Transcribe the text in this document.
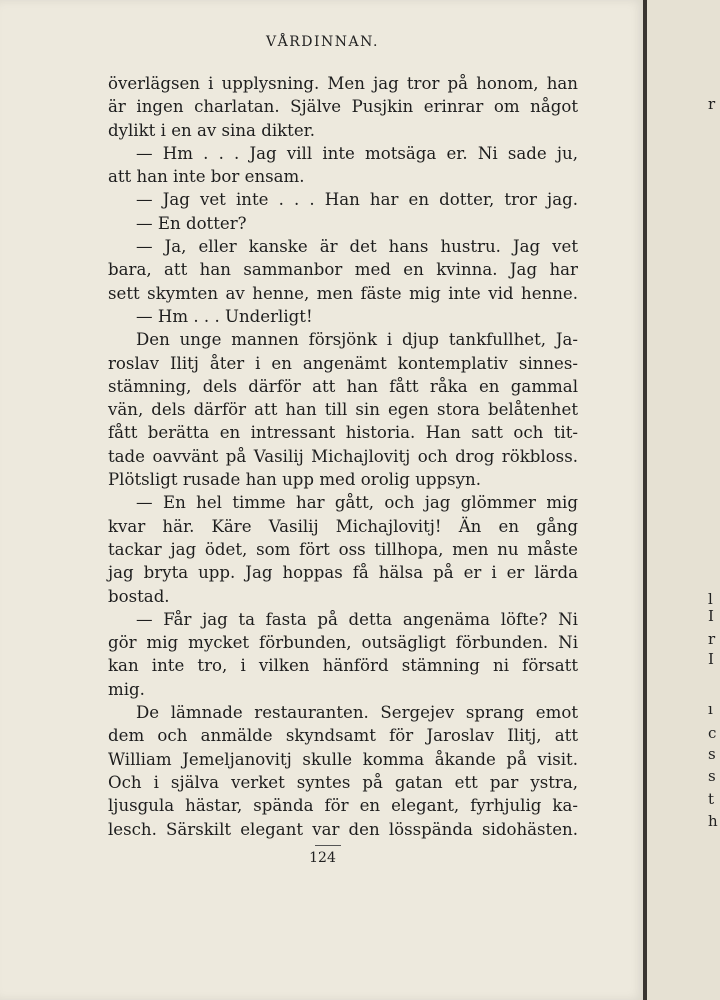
VÅRDINNAN.
överlägsen i upplysning. Men jag tror på honom, han
är ingen charlatan. Själve Pusjkin erinrar om något
dylikt i en av sina dikter.
— Hm . . . Jag vill inte motsäga er. Ni sade ju,
att han inte bor ensam.
— Jag vet inte . . . Han har en dotter, tror jag.
— En dotter?
— Ja, eller kanske är det hans hustru. Jag vet
bara, att han sammanbor med en kvinna. Jag har
sett skymten av henne, men fäste mig inte vid henne.
— Hm . . . Underligt!
Den unge mannen försjönk i djup tankfullhet, Ja-
roslav Ilitj åter i en angenämt kontemplativ sinnes-
stämning, dels därför att han fått råka en gammal
vän, dels därför att han till sin egen stora belåtenhet
fått berätta en intressant historia. Han satt och tit-
tade oavvänt på Vasilij Michajlovitj och drog rökbloss.
Plötsligt rusade han upp med orolig uppsyn.
— En hel timme har gått, och jag glömmer mig
kvar här. Käre Vasilij Michajlovitj! Än en gång
tackar jag ödet, som fört oss tillhopa, men nu måste
jag bryta upp. Jag hoppas få hälsa på er i er lärda
bostad.
— Får jag ta fasta på detta angenäma löfte? Ni
gör mig mycket förbunden, outsägligt förbunden. Ni
kan inte tro, i vilken hänförd stämning ni försatt
mig.
De lämnade restauranten. Sergejev sprang emot
dem och anmälde skyndsamt för Jaroslav Ilitj, att
William Jemeljanovitj skulle komma åkande på visit.
Och i själva verket syntes på gatan ett par ystra,
ljusgula hästar, spända för en elegant, fyrhjulig ka-
lesch. Särskilt elegant var den lösspända sidohästen.
124
r
l
I
r
I
ı
c
s
s
t
h
